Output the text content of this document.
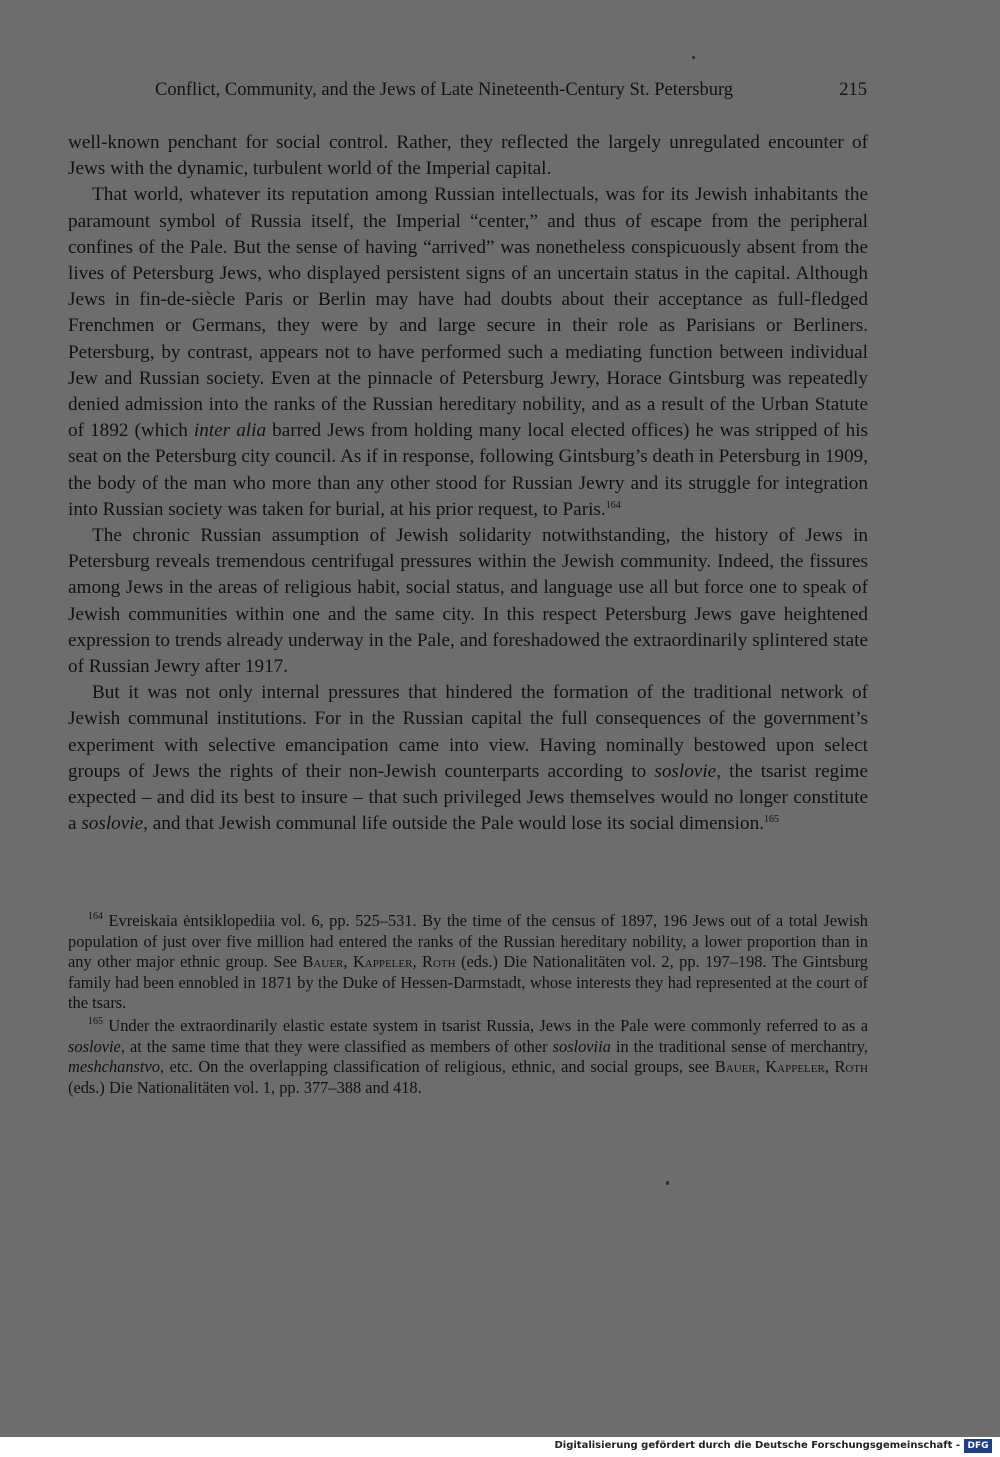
Conflict, Community, and the Jews of Late Nineteenth-Century St. Petersburg	215

well-known penchant for social control. Rather, they reflected the largely unregulated encounter of Jews with the dynamic, turbulent world of the Imperial capital.

That world, whatever its reputation among Russian intellectuals, was for its Jewish inhabitants the paramount symbol of Russia itself, the Imperial “center,” and thus of escape from the peripheral confines of the Pale. But the sense of having “arrived” was nonetheless conspicuously absent from the lives of Petersburg Jews, who displayed persistent signs of an uncertain status in the capital. Although Jews in fin-de-siècle Paris or Berlin may have had doubts about their acceptance as full-fledged Frenchmen or Germans, they were by and large secure in their role as Parisians or Berliners. Petersburg, by contrast, appears not to have performed such a mediating function between individual Jew and Russian society. Even at the pinnacle of Petersburg Jewry, Horace Gintsburg was repeatedly denied admission into the ranks of the Russian hereditary nobility, and as a result of the Urban Statute of 1892 (which inter alia barred Jews from holding many local elected offices) he was stripped of his seat on the Petersburg city council. As if in response, following Gintsburg’s death in Petersburg in 1909, the body of the man who more than any other stood for Russian Jewry and its struggle for integration into Russian society was taken for burial, at his prior request, to Paris.$^{164}$

The chronic Russian assumption of Jewish solidarity notwithstanding, the history of Jews in Petersburg reveals tremendous centrifugal pressures within the Jewish community. Indeed, the fissures among Jews in the areas of religious habit, social status, and language use all but force one to speak of Jewish communities within one and the same city. In this respect Petersburg Jews gave heightened expression to trends already underway in the Pale, and foreshadowed the extraordinarily splintered state of Russian Jewry after 1917.

But it was not only internal pressures that hindered the formation of the traditional network of Jewish communal institutions. For in the Russian capital the full consequences of the government’s experiment with selective emancipation came into view. Having nominally bestowed upon select groups of Jews the rights of their non-Jewish counterparts according to soslovie, the tsarist regime expected – and did its best to insure – that such privileged Jews themselves would no longer constitute a soslovie, and that Jewish communal life outside the Pale would lose its social dimension.$^{165}$

$^{164}$ Evreiskaia ėntsiklopediia vol. 6, pp. 525–531. By the time of the census of 1897, 196 Jews out of a total Jewish population of just over five million had entered the ranks of the Russian hereditary nobility, a lower proportion than in any other major ethnic group. See Bauer, Kappeler, Roth (eds.) Die Nationalitäten vol. 2, pp. 197–198. The Gintsburg family had been ennobled in 1871 by the Duke of Hessen-Darmstadt, whose interests they had represented at the court of the tsars.

$^{165}$ Under the extraordinarily elastic estate system in tsarist Russia, Jews in the Pale were commonly referred to as a soslovie, at the same time that they were classified as members of other sosloviia in the traditional sense of merchantry, meshchanstvo, etc. On the overlapping classification of religious, ethnic, and social groups, see Bauer, Kappeler, Roth (eds.) Die Nationalitäten vol. 1, pp. 377–388 and 418.

Digitalisierung gefördert durch die Deutsche Forschungsgemeinschaft - DFG
